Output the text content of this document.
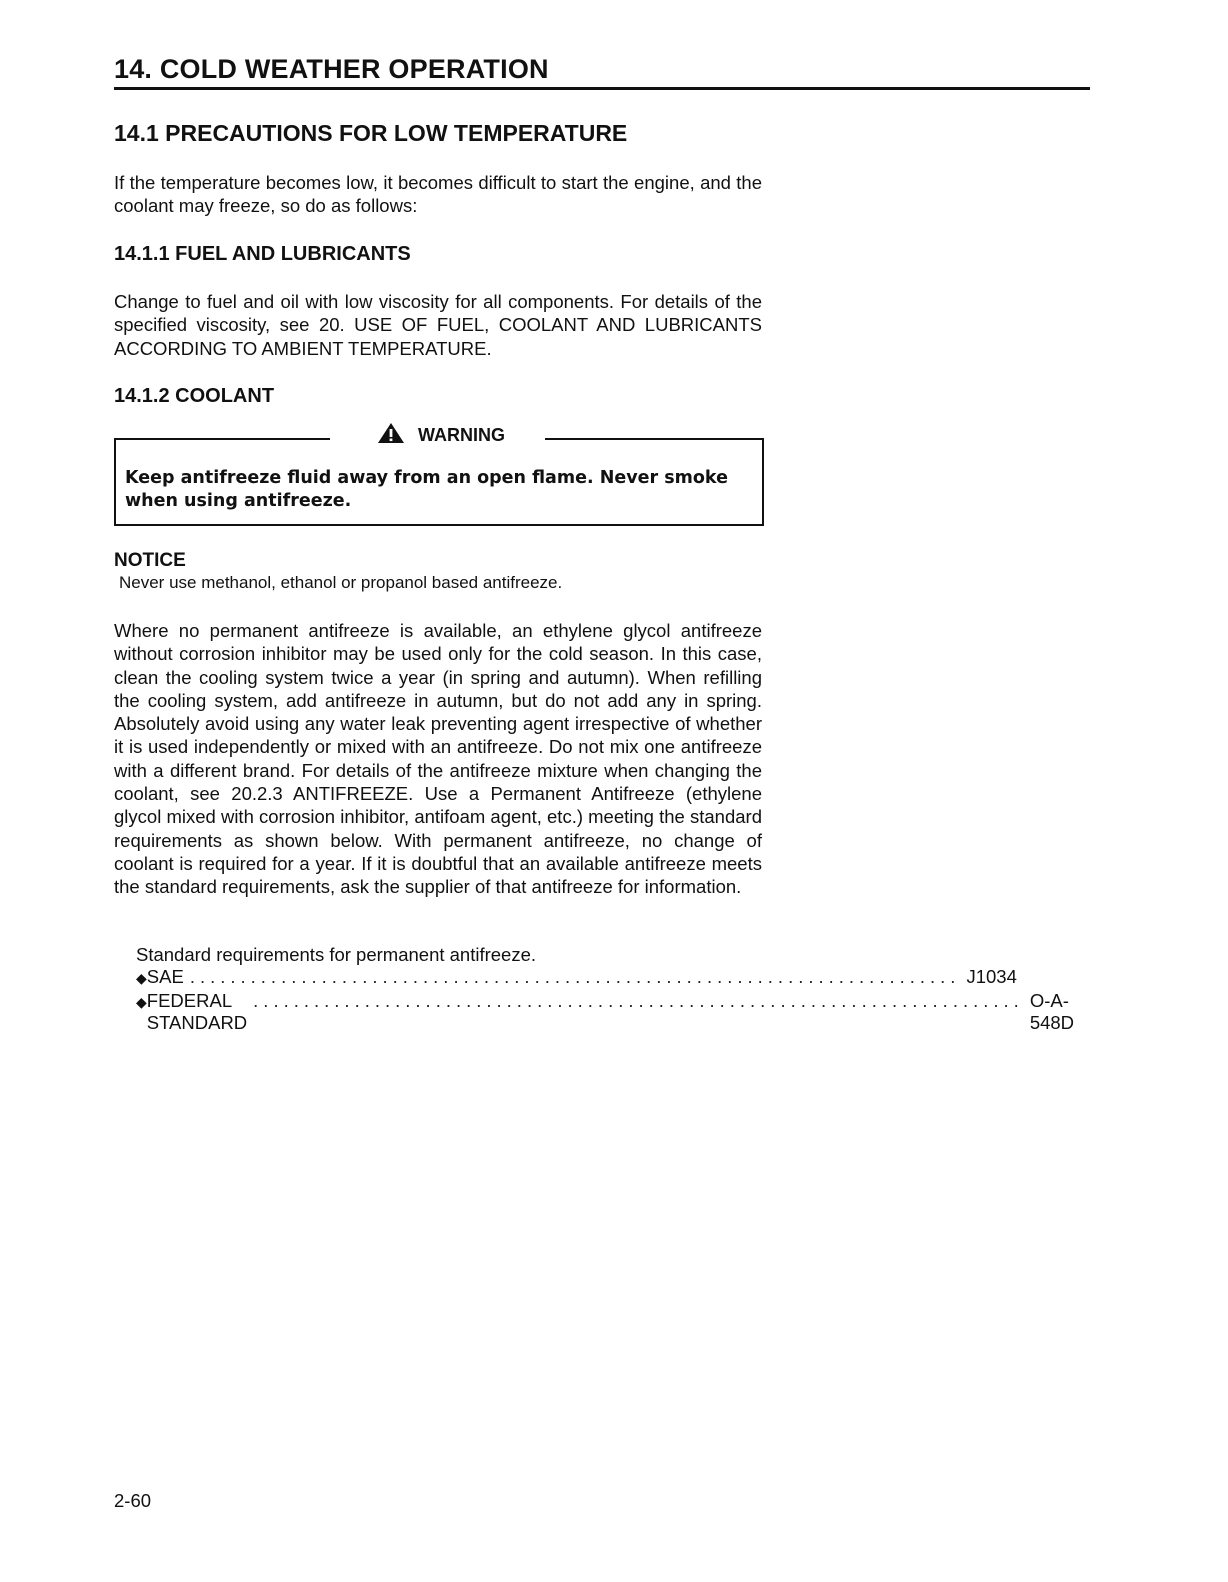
14. COLD WEATHER OPERATION
14.1 PRECAUTIONS FOR LOW TEMPERATURE
If the temperature becomes low, it becomes difficult to start the engine, and the coolant may freeze, so do as follows:
14.1.1 FUEL AND LUBRICANTS
Change to fuel and oil with low viscosity for all components. For details of the specified viscosity, see 20. USE OF FUEL, COOLANT AND LUBRICANTS ACCORDING TO AMBIENT TEMPERATURE.
14.1.2 COOLANT
WARNING
Keep antifreeze fluid away from an open flame. Never smoke when using antifreeze.
NOTICE
Never use methanol, ethanol or propanol based antifreeze.
Where no permanent antifreeze is available, an ethylene glycol antifreeze without corrosion inhibitor may be used only for the cold season. In this case, clean the cooling system twice a year (in spring and autumn). When refilling the cooling system, add antifreeze in autumn, but do not add any in spring. Absolutely avoid using any water leak preventing agent irrespective of whether it is used independently or mixed with an antifreeze. Do not mix one antifreeze with a different brand. For details of the antifreeze mixture when changing the coolant, see 20.2.3 ANTIFREEZE. Use a Permanent Antifreeze (ethylene glycol mixed with corrosion inhibitor, antifoam agent, etc.) meeting the standard requirements as shown below. With permanent antifreeze, no change of coolant is required for a year. If it is doubtful that an available antifreeze meets the standard requirements, ask the supplier of that antifreeze for information.
Standard requirements for permanent antifreeze.
◆ SAE ............................................................................ J1034
◆ FEDERAL STANDARD
............................................................................ O-A-548D
2-60
